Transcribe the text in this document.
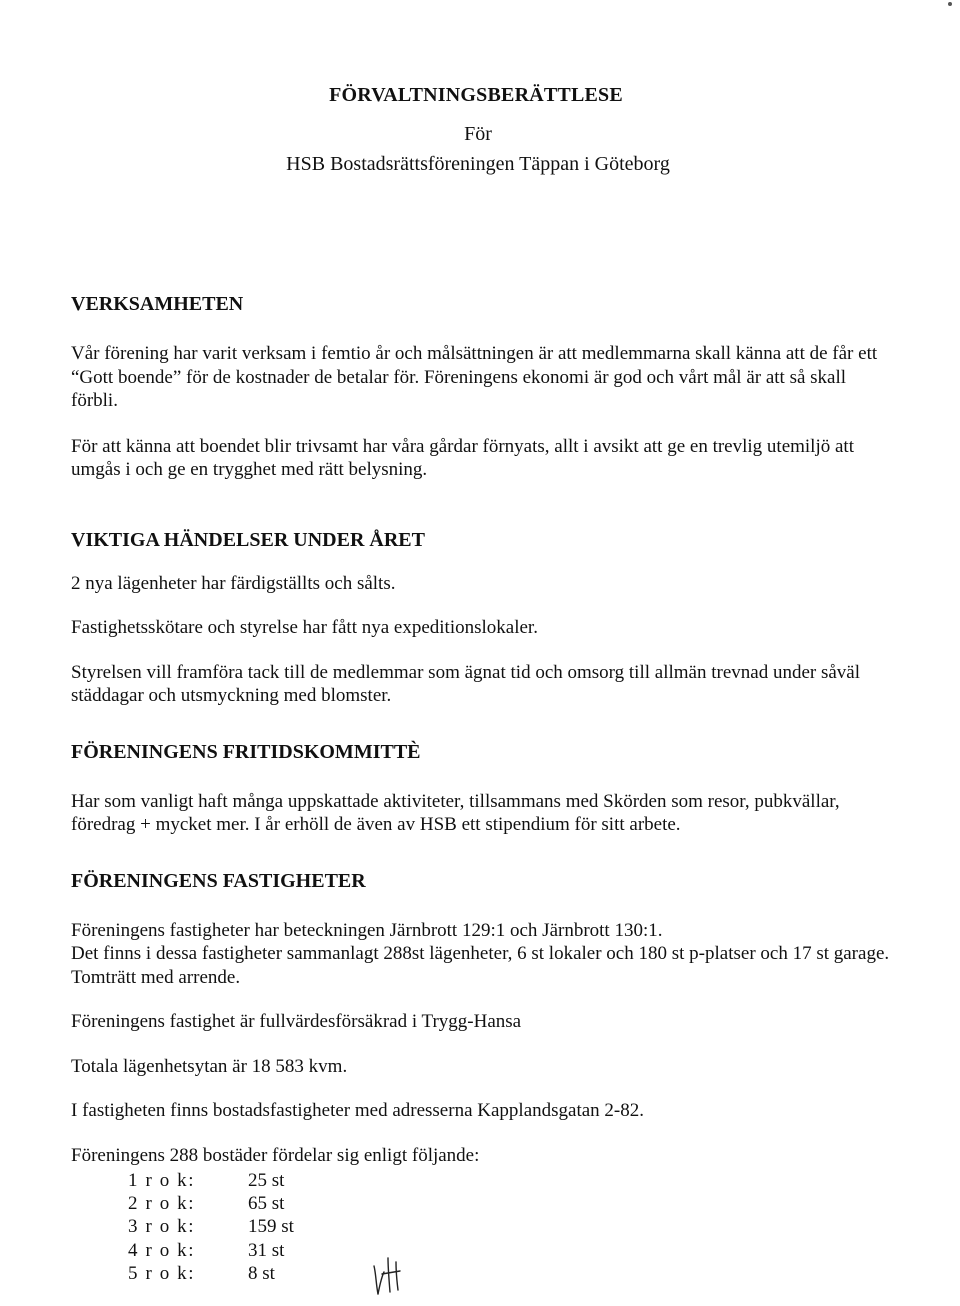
FÖRVALTNINGSBERÄTTLESE
För
HSB Bostadsrättsföreningen Täppan i Göteborg
VERKSAMHETEN

Vår förening har varit verksam i femtio år och målsättningen är att medlemmarna skall känna att de får ett “Gott boende” för de kostnader de betalar för. Föreningens ekonomi är god och vårt mål är att så skall förbli.

För att känna att boendet blir trivsamt har våra gårdar förnyats, allt i avsikt att ge en trevlig utemiljö att umgås i och ge en trygghet med rätt belysning.

VIKTIGA HÄNDELSER UNDER ÅRET

2 nya lägenheter har färdigställts och sålts.

Fastighetsskötare och styrelse har fått nya expeditionslokaler.

Styrelsen vill framföra tack till de medlemmar som ägnat tid och omsorg till allmän trevnad under såväl städdagar och utsmyckning med blomster.

FÖRENINGENS FRITIDSKOMMITTÈ

Har som vanligt haft många uppskattade aktiviteter, tillsammans med Skörden som resor, pubkvällar, föredrag + mycket mer. I år erhöll de även av HSB ett stipendium för sitt arbete.

FÖRENINGENS FASTIGHETER

Föreningens fastigheter har beteckningen Järnbrott 129:1 och Järnbrott 130:1.

Det finns i dessa fastigheter sammanlagt 288st lägenheter, 6 st lokaler och 180 st p-platser och 17 st garage. Tomträtt med arrende.

Föreningens fastighet är fullvärdesförsäkrad i Trygg-Hansa

Totala lägenhetsytan är 18 583 kvm.

I fastigheten finns bostadsfastigheter med adresserna Kapplandsgatan 2-82.

Föreningens 288 bostäder fördelar sig enligt följande:

1 r o k:	25 st
2 r o k:	65 st
3 r o k:	159 st
4 r o k:	31 st
5 r o k:	8 st
